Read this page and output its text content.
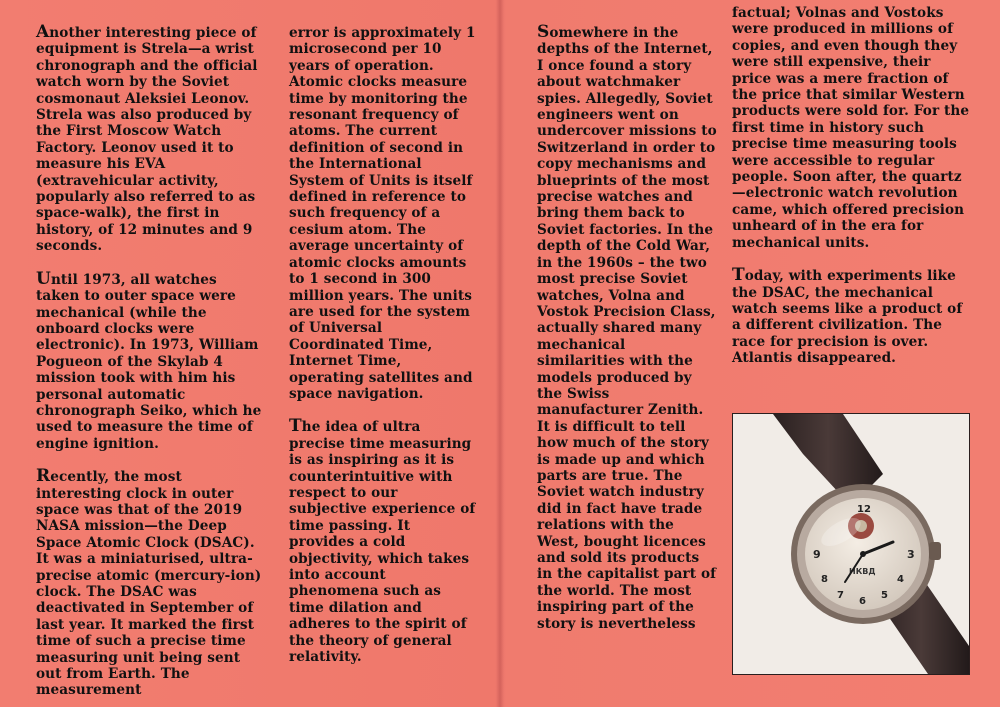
Another interesting piece of equipment is Strela—a wrist chronograph and the official watch worn by the Soviet cosmonaut Aleksiei Leonov. Strela was also produced by the First Moscow Watch Factory. Leonov used it to measure his EVA (extravehicular activity, popularly also referred to as space-walk), the first in history, of 12 minutes and 9 seconds.

Until 1973, all watches taken to outer space were mechanical (while the onboard clocks were electronic). In 1973, William Pogueon of the Skylab 4 mission took with him his personal automatic chronograph Seiko, which he used to measure the time of engine ignition.

Recently, the most interesting clock in outer space was that of the 2019 NASA mission—the Deep Space Atomic Clock (DSAC). It was a miniaturised, ultra-precise atomic (mercury-ion) clock. The DSAC was deactivated in September of last year. It marked the first time of such a precise time measuring unit being sent out from Earth. The measurement

error is approximately 1 microsecond per 10 years of operation. Atomic clocks measure time by monitoring the resonant frequency of atoms. The current definition of second in the International System of Units is itself defined in reference to such frequency of a cesium atom. The average uncertainty of atomic clocks amounts to 1 second in 300 million years. The units are used for the system of Universal Coordinated Time, Internet Time, operating satellites and space navigation.

The idea of ultra precise time measuring is as inspiring as it is counterintuitive with respect to our subjective experience of time passing. It provides a cold objectivity, which takes into account phenomena such as time dilation and adheres to the spirit of the theory of general relativity.

Somewhere in the depths of the Internet, I once found a story about watchmaker spies. Allegedly, Soviet engineers went on undercover missions to Switzerland in order to copy mechanisms and blueprints of the most precise watches and bring them back to Soviet factories. In the depth of the Cold War, in the 1960s – the two most precise Soviet watches, Volna and Vostok Precision Class, actually shared many mechanical similarities with the models produced by the Swiss manufacturer Zenith. It is difficult to tell how much of the story is made up and which parts are true. The Soviet watch industry did in fact have trade relations with the West, bought licences and sold its products in the capitalist part of the world. The most inspiring part of the story is nevertheless

factual; Volnas and Vostoks were produced in millions of copies, and even though they were still expensive, their price was a mere fraction of the price that similar Western products were sold for. For the first time in history such precise time measuring tools were accessible to regular people. Soon after, the quartz—electronic watch revolution came, which offered precision unheard of in the era for mechanical units.

Today, with experiments like the DSAC, the mechanical watch seems like a product of a different civilization. The race for precision is over. Atlantis disappeared.

12
9	3
8
7
6
5
4
НКВД
